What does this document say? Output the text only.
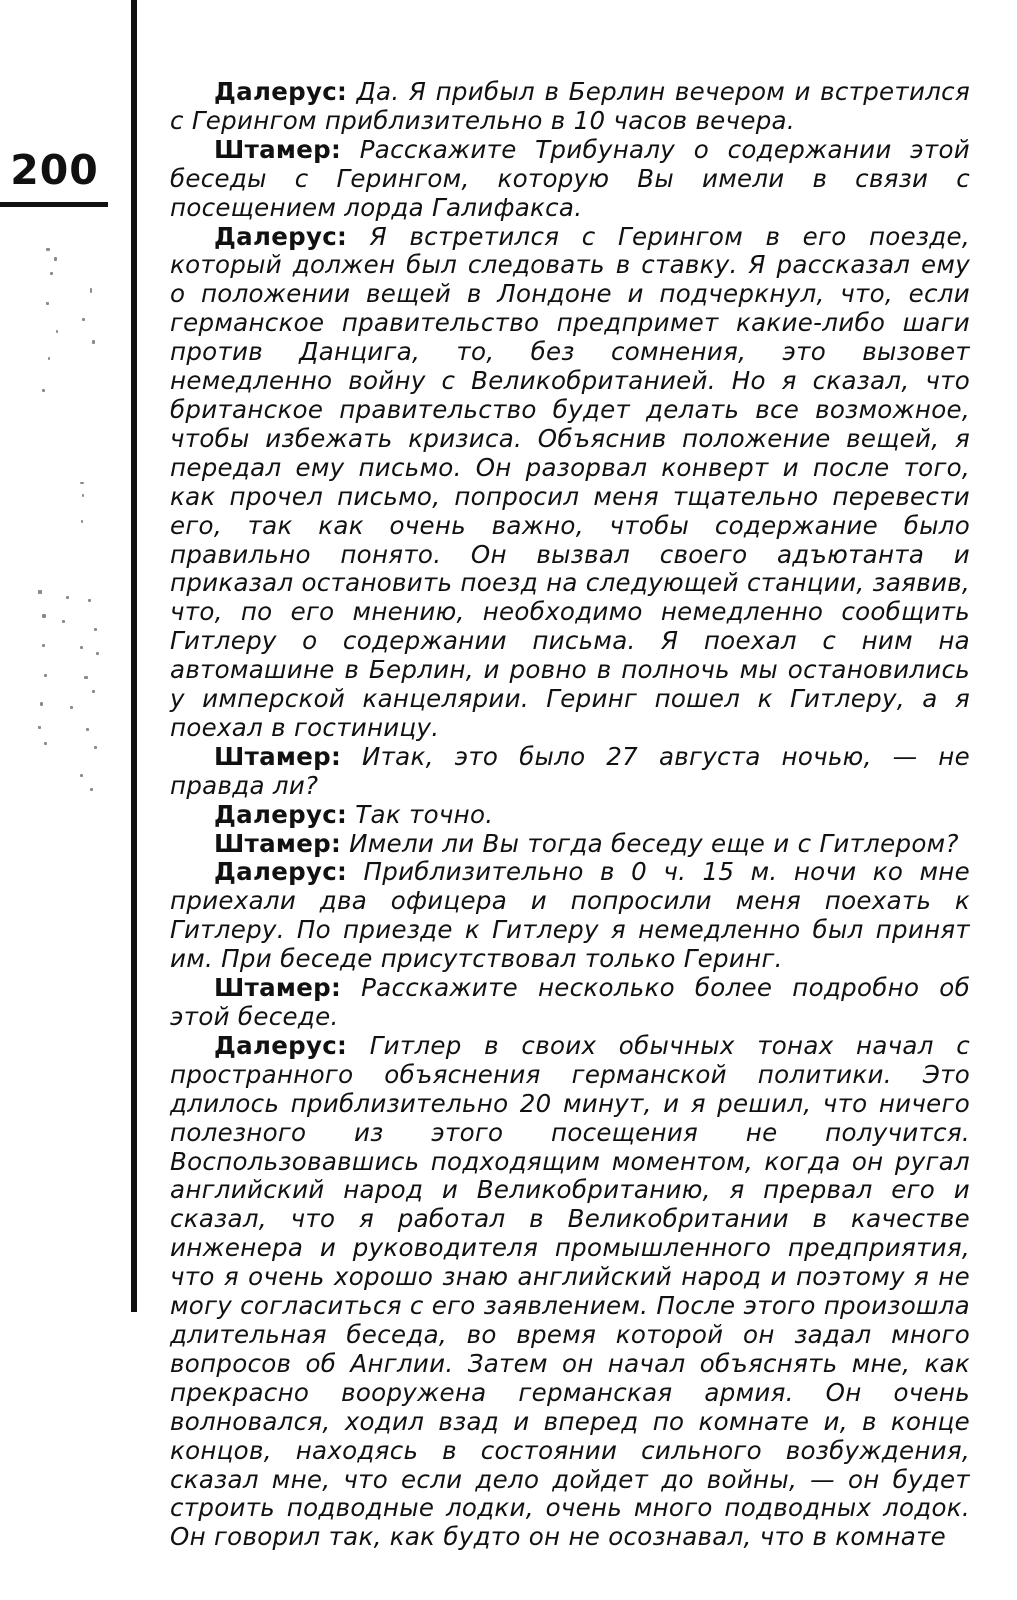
200

Далерус: Да. Я прибыл в Берлин вечером и встретился с Герингом приблизительно в 10 часов вечера.

Штамер: Расскажите Трибуналу о содержании этой беседы с Герингом, которую Вы имели в связи с посещением лорда Галифакса.

Далерус: Я встретился с Герингом в его поезде, который должен был следовать в ставку. Я рассказал ему о положении вещей в Лондоне и подчеркнул, что, если германское правительство предпримет какие-либо шаги против Данцига, то, без сомнения, это вызовет немедленно войну с Великобританией. Но я сказал, что британское правительство будет делать все возможное, чтобы избежать кризиса. Объяснив положение вещей, я передал ему письмо. Он разорвал конверт и после того, как прочел письмо, попросил меня тщательно перевести его, так как очень важно, чтобы содержание было правильно понято. Он вызвал своего адъютанта и приказал остановить поезд на следующей станции, заявив, что, по его мнению, необходимо немедленно сообщить Гитлеру о содержании письма. Я поехал с ним на автомашине в Берлин, и ровно в полночь мы остановились у имперской канцелярии. Геринг пошел к Гитлеру, а я поехал в гостиницу.

Штамер: Итак, это было 27 августа ночью, — не правда ли?

Далерус: Так точно.

Штамер: Имели ли Вы тогда беседу еще и с Гитлером?

Далерус: Приблизительно в 0 ч. 15 м. ночи ко мне приехали два офицера и попросили меня поехать к Гитлеру. По приезде к Гитлеру я немедленно был принят им. При беседе присутствовал только Геринг.

Штамер: Расскажите несколько более подробно об этой беседе.

Далерус: Гитлер в своих обычных тонах начал с пространного объяснения германской политики. Это длилось приблизительно 20 минут, и я решил, что ничего полезного из этого посещения не получится. Воспользовавшись подходящим моментом, когда он ругал английский народ и Великобританию, я прервал его и сказал, что я работал в Великобритании в качестве инженера и руководителя промышленного предприятия, что я очень хорошо знаю английский народ и поэтому я не могу согласиться с его заявлением. После этого произошла длительная беседа, во время которой он задал много вопросов об Англии. Затем он начал объяснять мне, как прекрасно вооружена германская армия. Он очень волновался, ходил взад и вперед по комнате и, в конце концов, находясь в состоянии сильного возбуждения, сказал мне, что если дело дойдет до войны, — он будет строить подводные лодки, очень много подводных лодок. Он говорил так, как будто он не осознавал, что в комнате
